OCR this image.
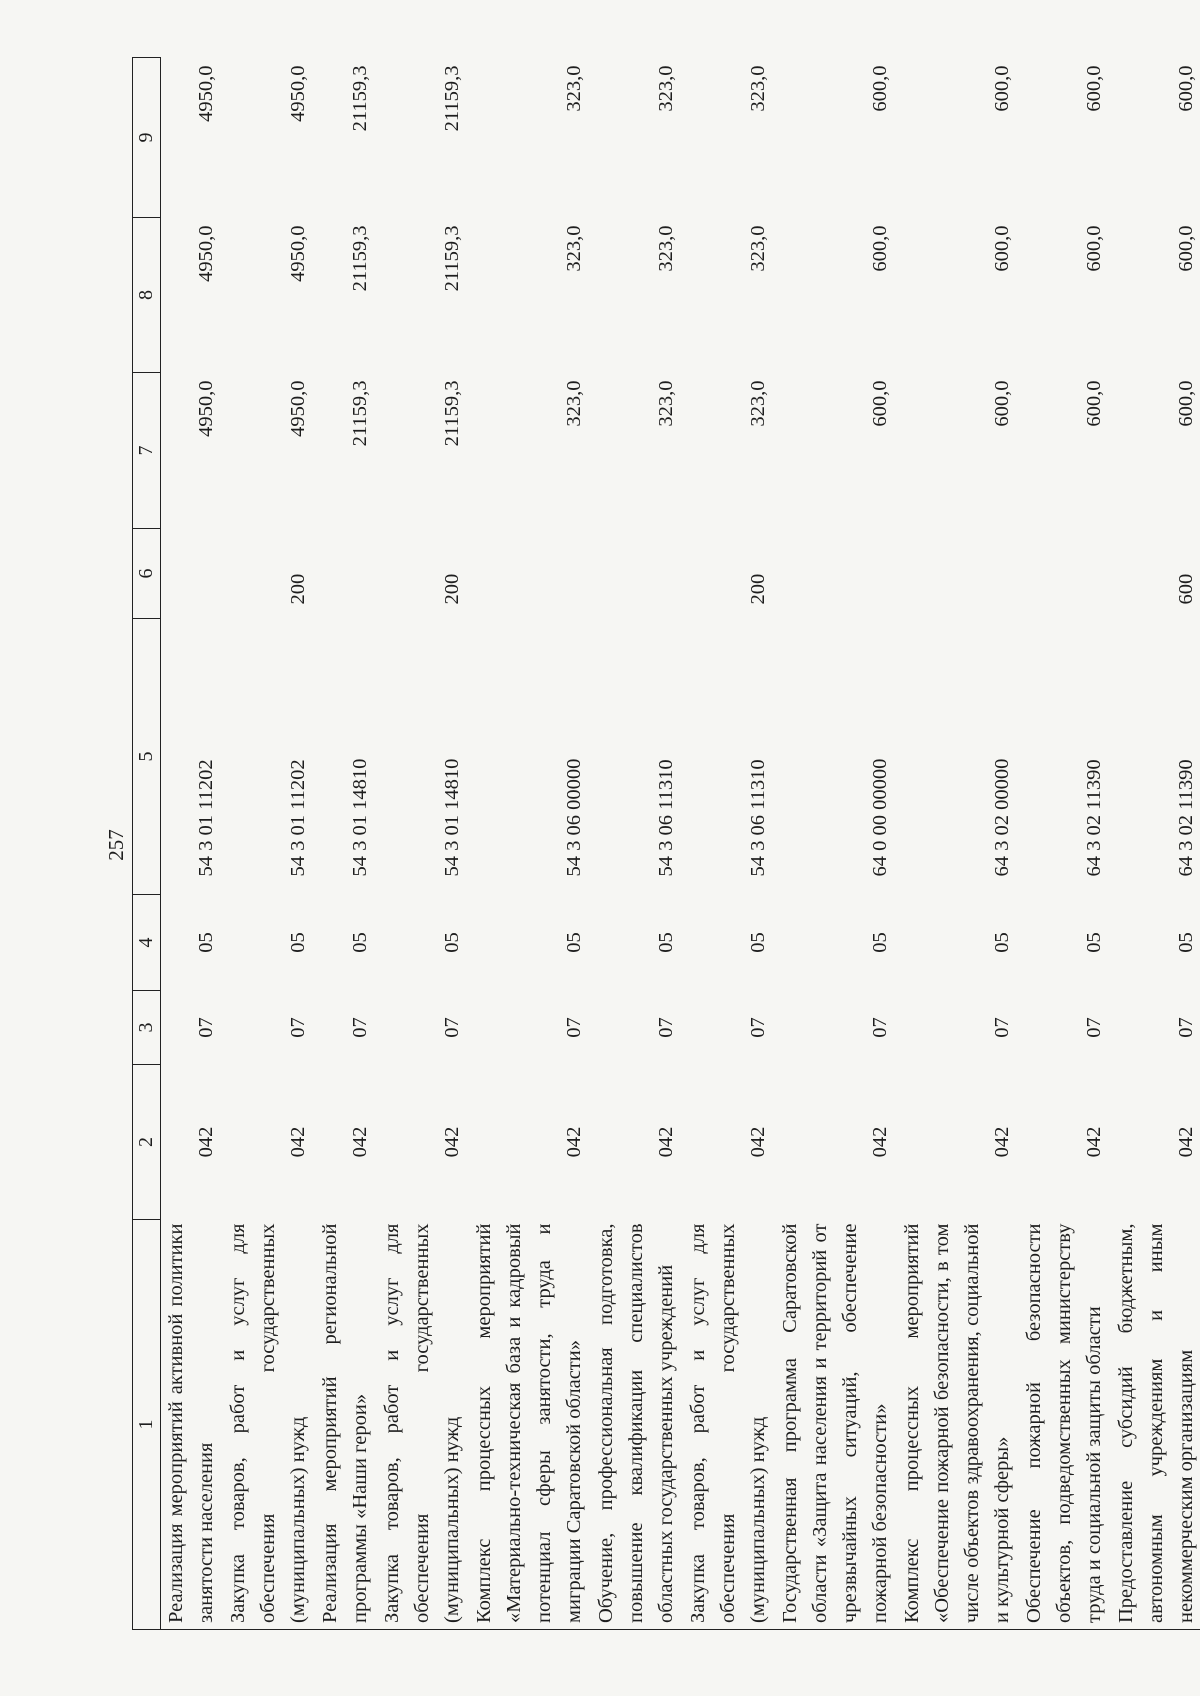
257
1	2	3	4	5	6	7	8	9
Реализация мероприятий активной политики занятости населения	042	07	05	54 3 01 11202		4950,0	4950,0	4950,0
Закупка товаров, работ и услуг для обеспечения государственных (муниципальных) нужд	042	07	05	54 3 01 11202	200	4950,0	4950,0	4950,0
Реализация мероприятий региональной программы «Наши герои»	042	07	05	54 3 01 14810		21159,3	21159,3	21159,3
Закупка товаров, работ и услуг для обеспечения государственных (муниципальных) нужд	042	07	05	54 3 01 14810	200	21159,3	21159,3	21159,3
Комплекс процессных мероприятий «Материально-техническая база и кадровый потенциал сферы занятости, труда и миграции Саратовской области»	042	07	05	54 3 06 00000		323,0	323,0	323,0
Обучение, профессиональная подготовка, повышение квалификации специалистов областных государственных учреждений	042	07	05	54 3 06 11310		323,0	323,0	323,0
Закупка товаров, работ и услуг для обеспечения государственных (муниципальных) нужд	042	07	05	54 3 06 11310	200	323,0	323,0	323,0
Государственная программа Саратовской области «Защита населения и территорий от чрезвычайных ситуаций, обеспечение пожарной безопасности»	042	07	05	64 0 00 00000		600,0	600,0	600,0
Комплекс процессных мероприятий «Обеспечение пожарной безопасности, в том числе объектов здравоохранения, социальной и культурной сферы»	042	07	05	64 3 02 00000		600,0	600,0	600,0
Обеспечение пожарной безопасности объектов, подведомственных министерству труда и социальной защиты области	042	07	05	64 3 02 11390		600,0	600,0	600,0
Предоставление субсидий бюджетным, автономным учреждениям и иным некоммерческим организациям	042	07	05	64 3 02 11390	600	600,0	600,0	600,0
